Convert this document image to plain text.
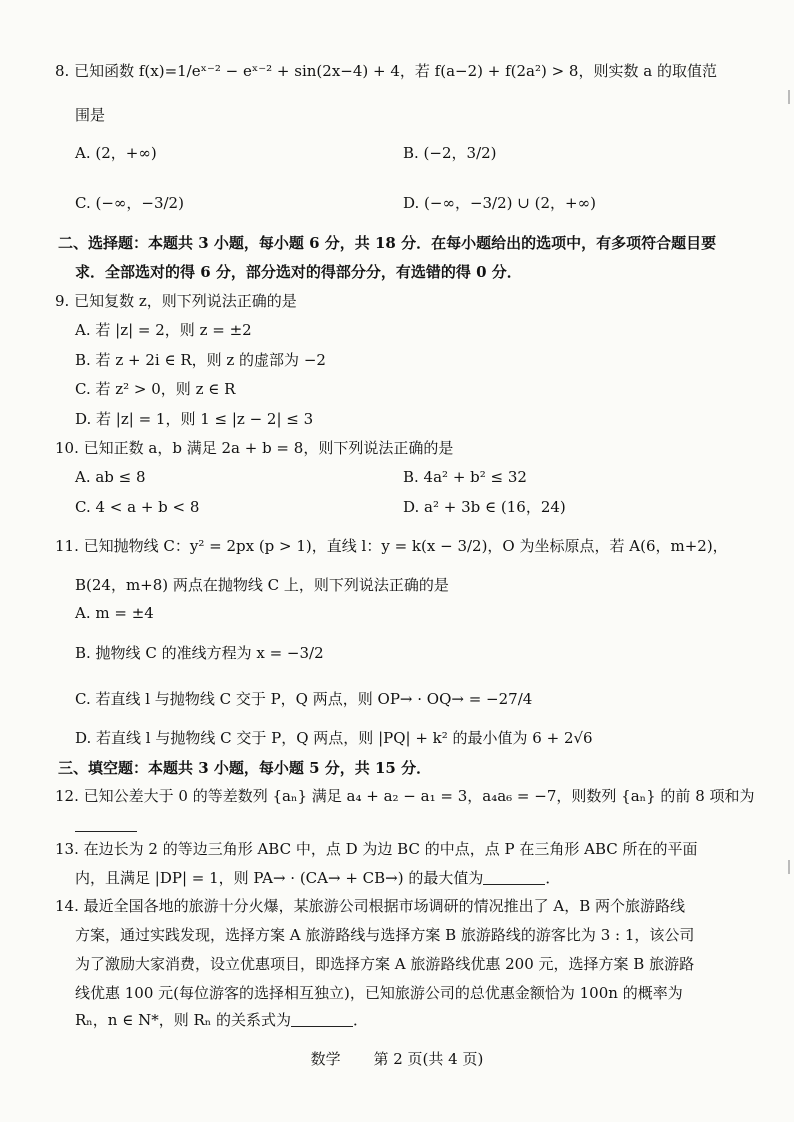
8. 已知函数 f(x)=1/eˣ⁻² − eˣ⁻² + sin(2x−4) + 4，若 f(a−2) + f(2a²) > 8，则实数 a 的取值范
围是
A. (2，+∞)	B. (−2，3/2)
C. (−∞，−3/2)	D. (−∞，−3/2) ∪ (2，+∞)
二、选择题：本题共 3 小题，每小题 6 分，共 18 分．在每小题给出的选项中，有多项符合题目要
求．全部选对的得 6 分，部分选对的得部分分，有选错的得 0 分．
9. 已知复数 z，则下列说法正确的是
A. 若 |z| = 2，则 z = ±2
B. 若 z + 2i ∈ R，则 z 的虚部为 −2
C. 若 z² > 0，则 z ∈ R
D. 若 |z| = 1，则 1 ≤ |z − 2| ≤ 3
10. 已知正数 a，b 满足 2a + b = 8，则下列说法正确的是
A. ab ≤ 8	B. 4a² + b² ≤ 32
C. 4 < a + b < 8	D. a² + 3b ∈ (16，24)
11. 已知抛物线 C：y² = 2px (p > 1)，直线 l：y = k(x − 3/2)，O 为坐标原点，若 A(6，m+2)，
B(24，m+8) 两点在抛物线 C 上，则下列说法正确的是
A. m = ±4
B. 抛物线 C 的准线方程为 x = −3/2
C. 若直线 l 与抛物线 C 交于 P，Q 两点，则 OP→ · OQ→ = −27/4
D. 若直线 l 与抛物线 C 交于 P，Q 两点，则 |PQ| + k² 的最小值为 6 + 2√6
三、填空题：本题共 3 小题，每小题 5 分，共 15 分．
12. 已知公差大于 0 的等差数列 {aₙ} 满足 a₄ + a₂ − a₁ = 3，a₄a₆ = −7，则数列 {aₙ} 的前 8 项和为
13. 在边长为 2 的等边三角形 ABC 中，点 D 为边 BC 的中点，点 P 在三角形 ABC 所在的平面
内，且满足 |DP| = 1，则 PA→ · (CA→ + CB→) 的最大值为	．
14. 最近全国各地的旅游十分火爆，某旅游公司根据市场调研的情况推出了 A，B 两个旅游路线
方案，通过实践发现，选择方案 A 旅游路线与选择方案 B 旅游路线的游客比为 3 : 1，该公司
为了激励大家消费，设立优惠项目，即选择方案 A 旅游路线优惠 200 元，选择方案 B 旅游路
线优惠 100 元(每位游客的选择相互独立)，已知旅游公司的总优惠金额恰为 100n 的概率为
Rₙ，n ∈ N*，则 Rₙ 的关系式为	．
数学 第 2 页(共 4 页)
